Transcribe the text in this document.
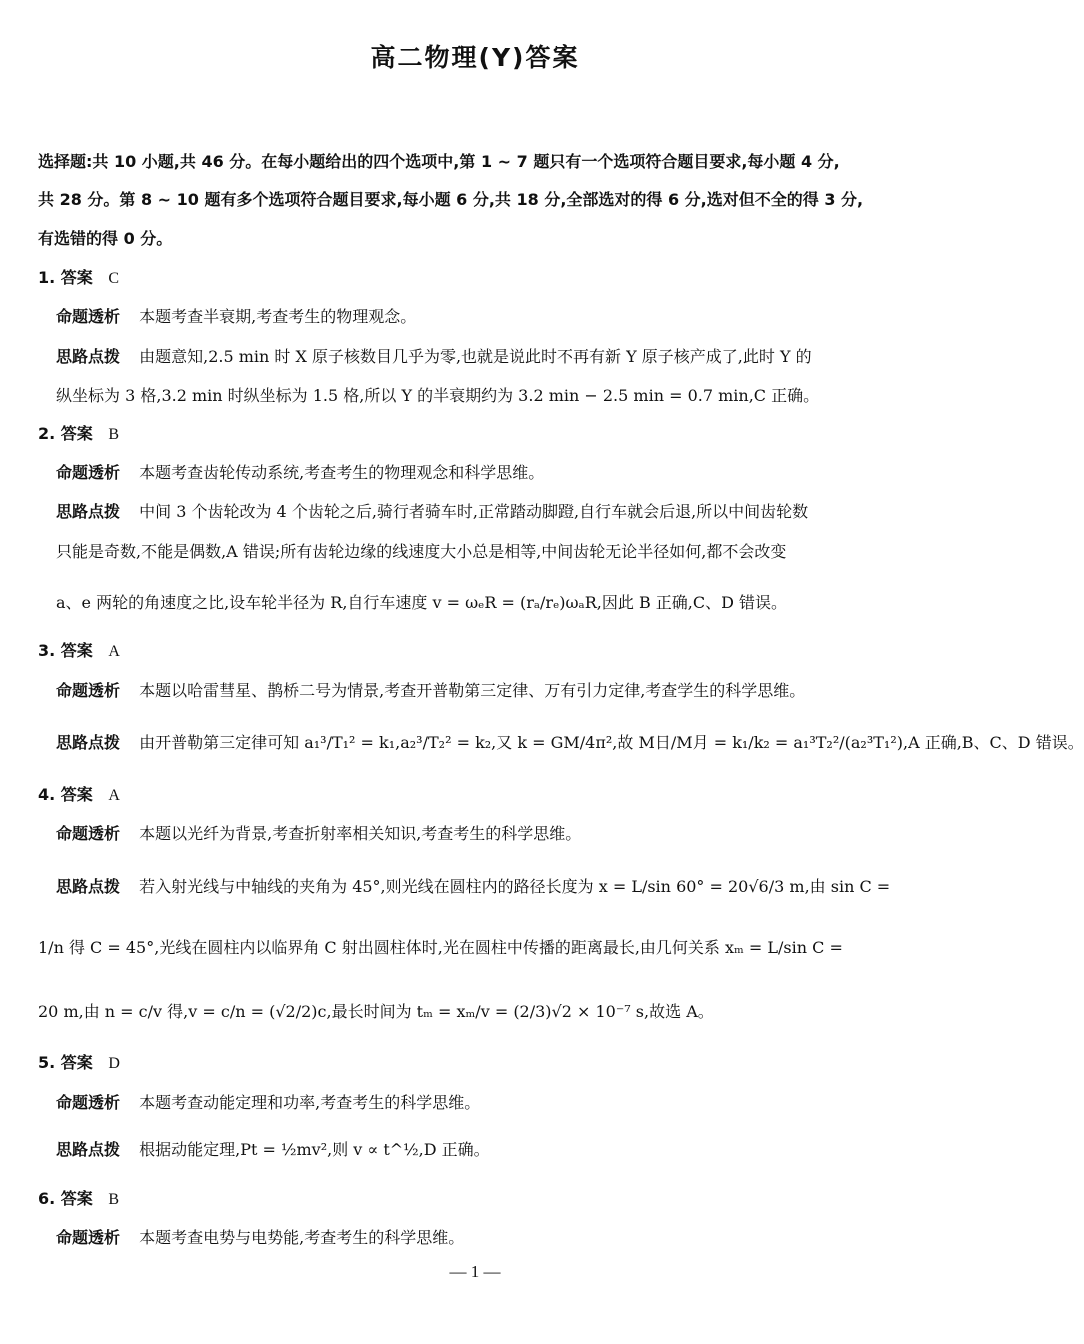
高二物理(Y)答案
选择题:共 10 小题,共 46 分。在每小题给出的四个选项中,第 1 ~ 7 题只有一个选项符合题目要求,每小题 4 分,
共 28 分。第 8 ~ 10 题有多个选项符合题目要求,每小题 6 分,共 18 分,全部选对的得 6 分,选对但不全的得 3 分,
有选错的得 0 分。
1. 答案 C
命题透析 本题考查半衰期,考查考生的物理观念。
思路点拨 由题意知,2.5 min 时 X 原子核数目几乎为零,也就是说此时不再有新 Y 原子核产成了,此时 Y 的
纵坐标为 3 格,3.2 min 时纵坐标为 1.5 格,所以 Y 的半衰期约为 3.2 min − 2.5 min = 0.7 min,C 正确。
2. 答案 B
命题透析 本题考查齿轮传动系统,考查考生的物理观念和科学思维。
思路点拨 中间 3 个齿轮改为 4 个齿轮之后,骑行者骑车时,正常踏动脚蹬,自行车就会后退,所以中间齿轮数
只能是奇数,不能是偶数,A 错误;所有齿轮边缘的线速度大小总是相等,中间齿轮无论半径如何,都不会改变
a、e 两轮的角速度之比,设车轮半径为 R,自行车速度 v = ωₑR = (rₐ/rₑ)ωₐR,因此 B 正确,C、D 错误。
3. 答案 A
命题透析 本题以哈雷彗星、鹊桥二号为情景,考查开普勒第三定律、万有引力定律,考查学生的科学思维。
思路点拨 由开普勒第三定律可知 a₁³/T₁² = k₁,a₂³/T₂² = k₂,又 k = GM/4π²,故 M日/M月 = k₁/k₂ = a₁³T₂²/(a₂³T₁²),A 正确,B、C、D 错误。
4. 答案 A
命题透析 本题以光纤为背景,考查折射率相关知识,考查考生的科学思维。
思路点拨 若入射光线与中轴线的夹角为 45°,则光线在圆柱内的路径长度为 x = L/sin 60° = 20√6/3 m,由 sin C =
1/n 得 C = 45°,光线在圆柱内以临界角 C 射出圆柱体时,光在圆柱中传播的距离最长,由几何关系 xₘ = L/sin C =
20 m,由 n = c/v 得,v = c/n = (√2/2)c,最长时间为 tₘ = xₘ/v = (2/3)√2 × 10⁻⁷ s,故选 A。
5. 答案 D
命题透析 本题考查动能定理和功率,考查考生的科学思维。
思路点拨 根据动能定理,Pt = ½mv²,则 v ∝ t^½,D 正确。
6. 答案 B
命题透析 本题考查电势与电势能,考查考生的科学思维。
— 1 —
